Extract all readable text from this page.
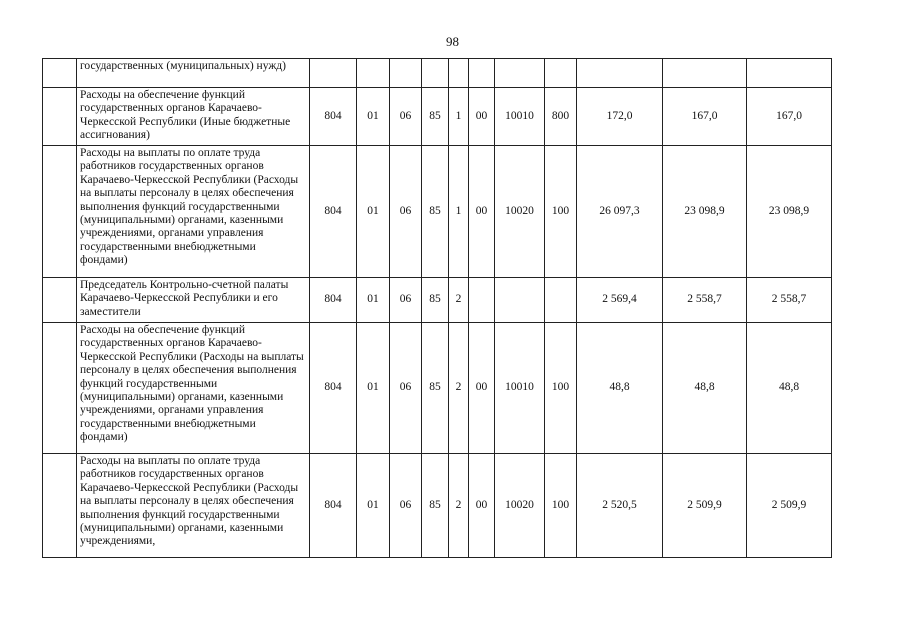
98
	государственных (муниципальных) нужд)											
	Расходы на обеспечение функций государственных органов Карачаево-Черкесской Республики (Иные бюджетные ассигнования)	804	01	06	85	1	00	10010	800	172,0	167,0	167,0
	Расходы на выплаты по оплате труда работников государственных органов Карачаево-Черкесской Республики (Расходы на выплаты персоналу в целях обеспечения выполнения функций государственными (муниципальными) органами, казенными учреждениями, органами управления государственными внебюджетными фондами)	804	01	06	85	1	00	10020	100	26 097,3	23 098,9	23 098,9
	Председатель Контрольно-счетной палаты Карачаево-Черкесской Республики и его заместители	804	01	06	85	2				2 569,4	2 558,7	2 558,7
	Расходы на обеспечение функций государственных органов Карачаево-Черкесской Республики (Расходы на выплаты персоналу в целях обеспечения выполнения функций государственными (муниципальными) органами, казенными учреждениями, органами управления государственными внебюджетными фондами)	804	01	06	85	2	00	10010	100	48,8	48,8	48,8
	Расходы на выплаты по оплате труда работников государственных органов Карачаево-Черкесской Республики (Расходы на выплаты персоналу в целях обеспечения выполнения функций государственными (муниципальными) органами, казенными учреждениями,	804	01	06	85	2	00	10020	100	2 520,5	2 509,9	2 509,9
